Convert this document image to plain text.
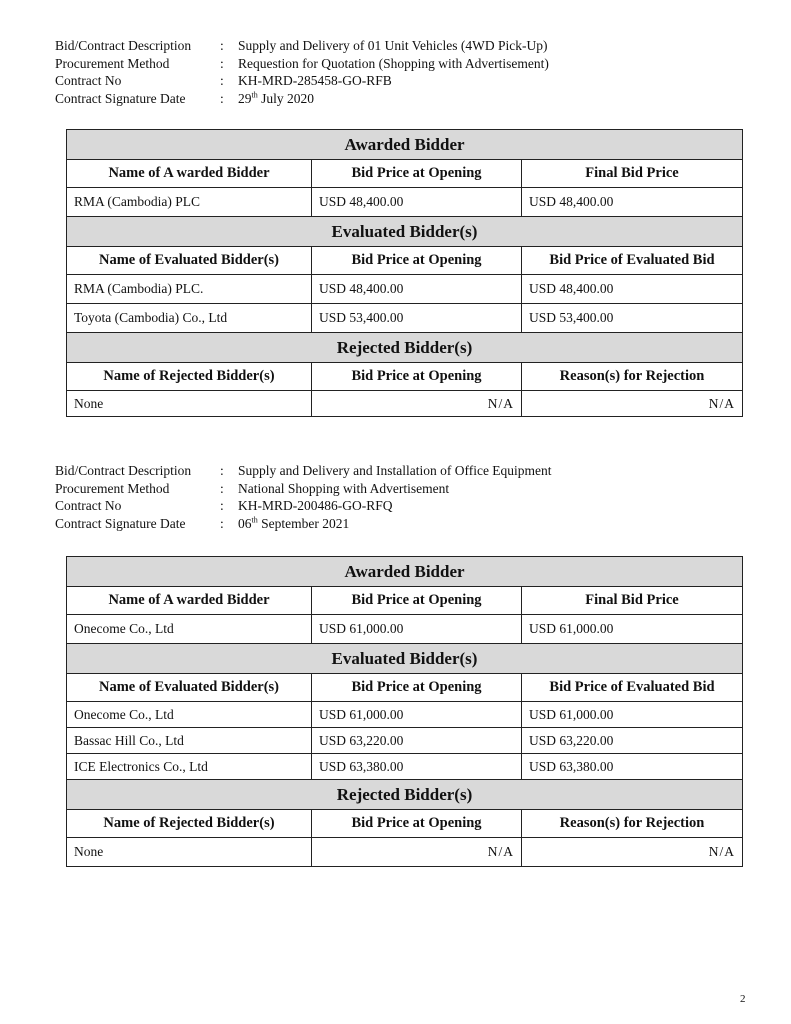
Bid/Contract Description	:	Supply and Delivery of 01 Unit Vehicles (4WD Pick-Up)
Procurement Method	:	Requestion for Quotation (Shopping with Advertisement)
Contract No	:	KH-MRD-285458-GO-RFB
Contract Signature Date	:	29th July 2020
Awarded Bidder		
Name of A warded Bidder	Bid Price at Opening	Final Bid Price
RMA (Cambodia) PLC	USD 48,400.00	USD 48,400.00
Evaluated Bidder(s)		
Name of Evaluated Bidder(s)	Bid Price at Opening	Bid Price of Evaluated Bid
RMA (Cambodia) PLC.	USD 48,400.00	USD 48,400.00
Toyota (Cambodia) Co., Ltd	USD 53,400.00	USD 53,400.00
Rejected Bidder(s)		
Name of Rejected Bidder(s)	Bid Price at Opening	Reason(s) for Rejection
None	N/A	N/A
Bid/Contract Description	:	Supply and Delivery and Installation of Office Equipment
Procurement Method	:	National Shopping with Advertisement
Contract No	:	KH-MRD-200486-GO-RFQ
Contract Signature Date	:	06th September 2021
Awarded Bidder		
Name of A warded Bidder	Bid Price at Opening	Final Bid Price
Onecome Co., Ltd	USD 61,000.00	USD 61,000.00
Evaluated Bidder(s)		
Name of Evaluated Bidder(s)	Bid Price at Opening	Bid Price of Evaluated Bid
Onecome Co., Ltd	USD 61,000.00	USD 61,000.00
Bassac Hill Co., Ltd	USD 63,220.00	USD 63,220.00
ICE Electronics Co., Ltd	USD 63,380.00	USD 63,380.00
Rejected Bidder(s)		
Name of Rejected Bidder(s)	Bid Price at Opening	Reason(s) for Rejection
None	N/A	N/A
2
